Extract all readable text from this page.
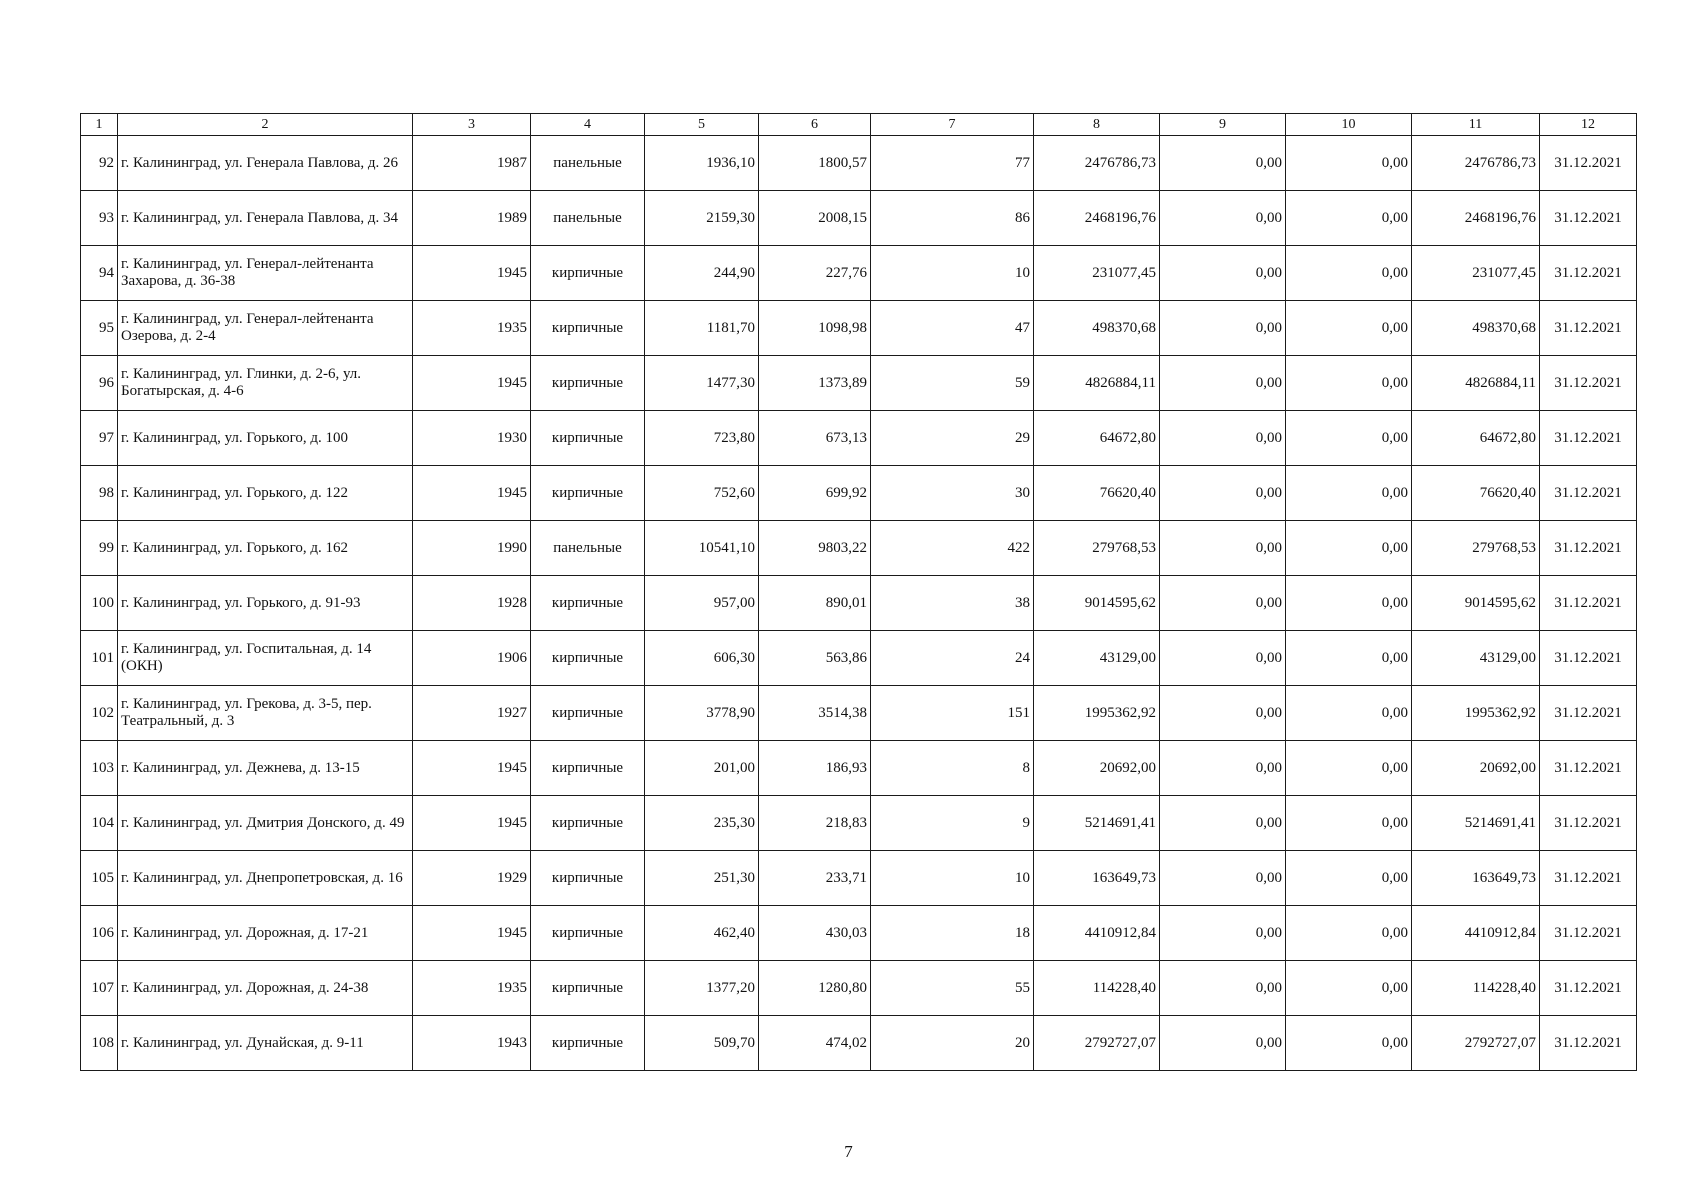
1	2	3	4	5	6	7	8	9	10	11	12
92	г. Калининград, ул. Генерала Павлова, д. 26	1987	панельные	1936,10	1800,57	77	2476786,73	0,00	0,00	2476786,73	31.12.2021
93	г. Калининград, ул. Генерала Павлова, д. 34	1989	панельные	2159,30	2008,15	86	2468196,76	0,00	0,00	2468196,76	31.12.2021
94	г. Калининград, ул. Генерал-лейтенанта Захарова, д. 36-38	1945	кирпичные	244,90	227,76	10	231077,45	0,00	0,00	231077,45	31.12.2021
95	г. Калининград, ул. Генерал-лейтенанта Озерова, д. 2-4	1935	кирпичные	1181,70	1098,98	47	498370,68	0,00	0,00	498370,68	31.12.2021
96	г. Калининград, ул. Глинки, д. 2-6, ул. Богатырская, д. 4-6	1945	кирпичные	1477,30	1373,89	59	4826884,11	0,00	0,00	4826884,11	31.12.2021
97	г. Калининград, ул. Горького, д. 100	1930	кирпичные	723,80	673,13	29	64672,80	0,00	0,00	64672,80	31.12.2021
98	г. Калининград, ул. Горького, д. 122	1945	кирпичные	752,60	699,92	30	76620,40	0,00	0,00	76620,40	31.12.2021
99	г. Калининград, ул. Горького, д. 162	1990	панельные	10541,10	9803,22	422	279768,53	0,00	0,00	279768,53	31.12.2021
100	г. Калининград, ул. Горького, д. 91-93	1928	кирпичные	957,00	890,01	38	9014595,62	0,00	0,00	9014595,62	31.12.2021
101	г. Калининград, ул. Госпитальная, д. 14 (ОКН)	1906	кирпичные	606,30	563,86	24	43129,00	0,00	0,00	43129,00	31.12.2021
102	г. Калининград, ул. Грекова, д. 3-5, пер. Театральный, д. 3	1927	кирпичные	3778,90	3514,38	151	1995362,92	0,00	0,00	1995362,92	31.12.2021
103	г. Калининград, ул. Дежнева, д. 13-15	1945	кирпичные	201,00	186,93	8	20692,00	0,00	0,00	20692,00	31.12.2021
104	г. Калининград, ул. Дмитрия Донского, д. 49	1945	кирпичные	235,30	218,83	9	5214691,41	0,00	0,00	5214691,41	31.12.2021
105	г. Калининград, ул. Днепропетровская, д. 16	1929	кирпичные	251,30	233,71	10	163649,73	0,00	0,00	163649,73	31.12.2021
106	г. Калининград, ул. Дорожная, д. 17-21	1945	кирпичные	462,40	430,03	18	4410912,84	0,00	0,00	4410912,84	31.12.2021
107	г. Калининград, ул. Дорожная, д. 24-38	1935	кирпичные	1377,20	1280,80	55	114228,40	0,00	0,00	114228,40	31.12.2021
108	г. Калининград, ул. Дунайская, д. 9-11	1943	кирпичные	509,70	474,02	20	2792727,07	0,00	0,00	2792727,07	31.12.2021
7
